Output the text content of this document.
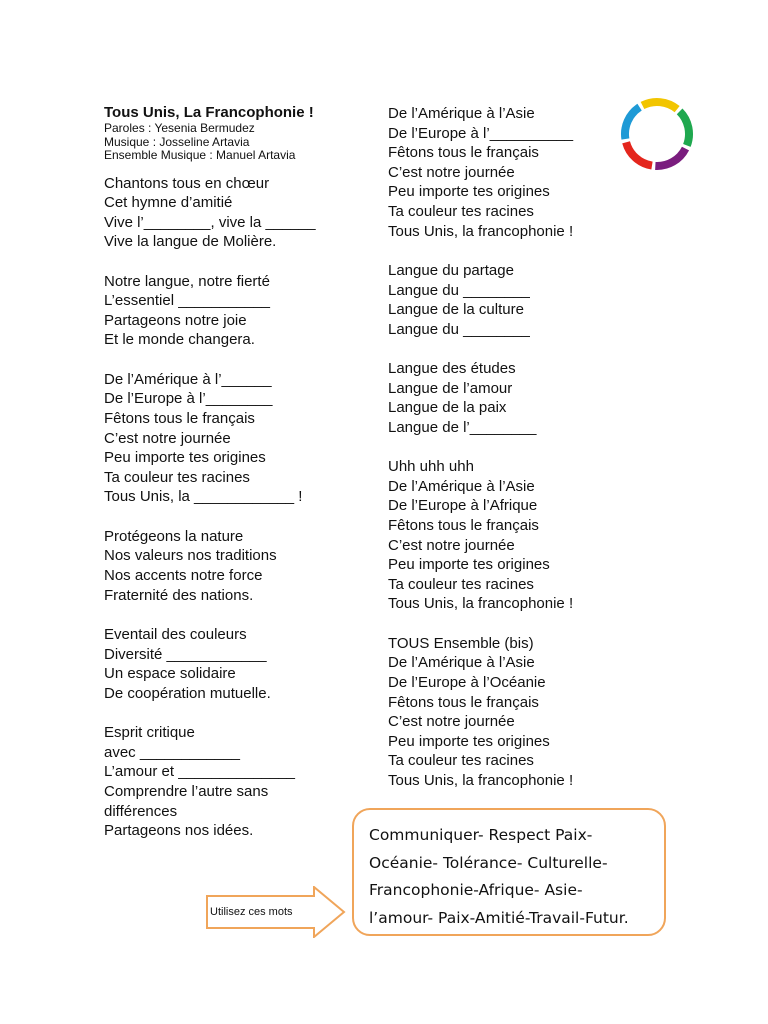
Tous Unis, La Francophonie !
Paroles : Yesenia Bermudez
Musique : Josseline Artavia
Ensemble Musique : Manuel Artavia
Chantons tous en chœur
Cet hymne d’amitié
Vive l’________, vive la ______
Vive la langue de Molière.
Notre langue, notre fierté
L’essentiel ___________
Partageons notre joie
Et le monde changera.
De l’Amérique à l’______
De l’Europe à l’________
Fêtons tous le français
C’est notre journée
Peu importe tes origines
Ta couleur tes racines
Tous Unis, la ____________ !
Protégeons la nature
Nos valeurs nos traditions
Nos accents notre force
Fraternité des nations.
Eventail des couleurs
Diversité ____________
Un espace solidaire
De coopération mutuelle.
Esprit critique
avec ____________
L’amour et ______________
Comprendre l’autre sans
différences
Partageons nos idées.
De l’Amérique à l’Asie
De l’Europe à l’__________
Fêtons tous le français
C’est notre journée
Peu importe tes origines
Ta couleur tes racines
Tous Unis, la francophonie !
Langue du partage
Langue du ________
Langue de la culture
Langue du ________
Langue des études
Langue de l’amour
Langue de la paix
Langue de l’________
Uhh uhh uhh
De l’Amérique à l’Asie
De l’Europe à l’Afrique
Fêtons tous le français
C’est notre journée
Peu importe tes origines
Ta couleur tes racines
Tous Unis, la francophonie !
TOUS Ensemble (bis)
De l’Amérique à l’Asie
De l’Europe à l’Océanie
Fêtons tous le français
C’est notre journée
Peu importe tes origines
Ta couleur tes racines
Tous Unis, la francophonie !
Communiquer- Respect Paix-
Océanie- Tolérance- Culturelle-
Francophonie-Afrique- Asie-
l’amour- Paix-Amitié-Travail-Futur.
Utilisez ces mots
